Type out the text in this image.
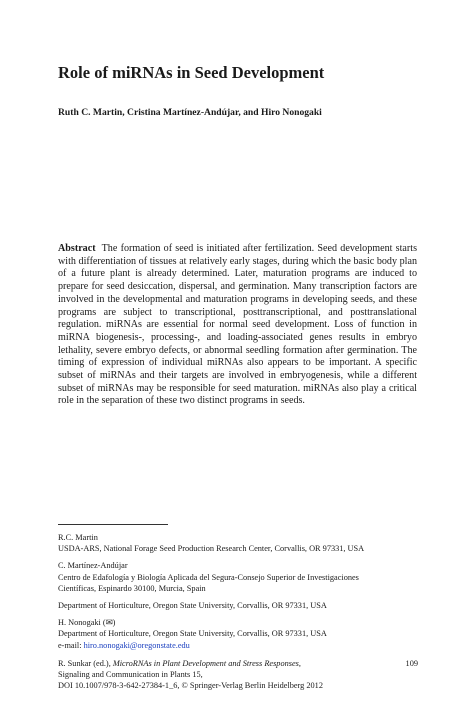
Role of miRNAs in Seed Development

Ruth C. Martin, Cristina Martínez-Andújar, and Hiro Nonogaki

Abstract The formation of seed is initiated after fertilization. Seed development starts with differentiation of tissues at relatively early stages, during which the basic body plan of a future plant is already determined. Later, maturation programs are induced to prepare for seed desiccation, dispersal, and germination. Many transcription factors are involved in the developmental and maturation programs in developing seeds, and these programs are subject to transcriptional, posttranscriptional, and posttranslational regulation. miRNAs are essential for normal seed development. Loss of function in miRNA biogenesis-, processing-, and loading-associated genes results in embryo lethality, severe embryo defects, or abnormal seedling formation after germination. The timing of expression of individual miRNAs also appears to be important. A specific subset of miRNAs and their targets are involved in embryogenesis, while a different subset of miRNAs may be responsible for seed maturation. miRNAs also play a critical role in the separation of these two distinct programs in seeds.

R.C. Martin

USDA-ARS, National Forage Seed Production Research Center, Corvallis, OR 97331, USA

C. Martínez-Andújar

Centro de Edafología y Biología Aplicada del Segura-Consejo Superior de Investigaciones

Científicas, Espinardo 30100, Murcia, Spain

Department of Horticulture, Oregon State University, Corvallis, OR 97331, USA

H. Nonogaki (✉)

Department of Horticulture, Oregon State University, Corvallis, OR 97331, USA

e-mail: hiro.nonogaki@oregonstate.edu

R. Sunkar (ed.), MicroRNAs in Plant Development and Stress Responses,

Signaling and Communication in Plants 15,

DOI 10.1007/978-3-642-27384-1_6, © Springer-Verlag Berlin Heidelberg 2012

109
